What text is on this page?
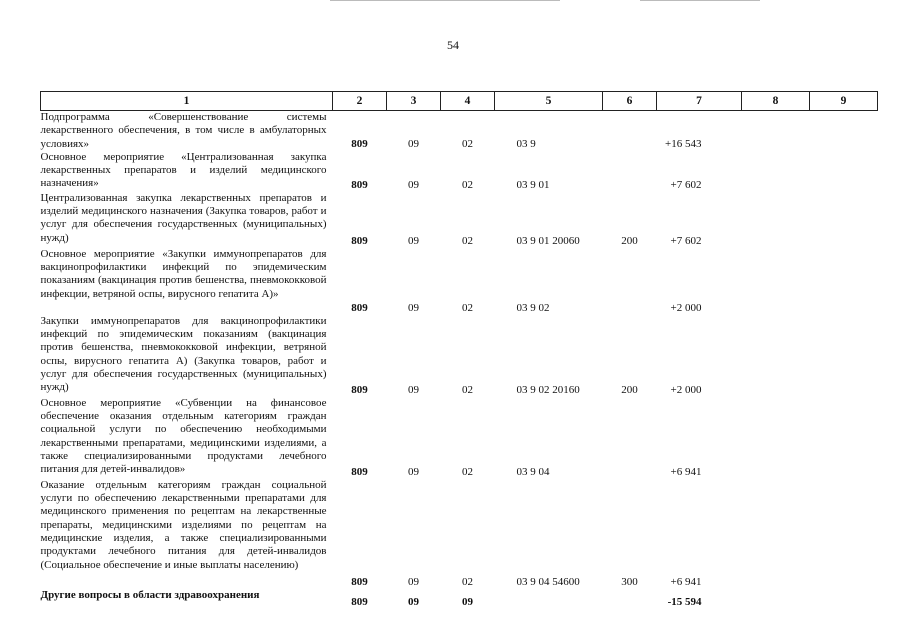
54
1	2	3	4	5	6	7	8	9
Подпрограмма «Совершенствование системы лекарственного обеспечения, в том числе в амбулаторных условиях»	809	09	02	03 9		+16 543		
Основное мероприятие «Централизованная закупка лекарственных препаратов и изделий медицинского назначения»	809	09	02	03 9 01		+7 602		
Централизованная закупка лекарственных препаратов и изделий медицинского назначения (Закупка товаров, работ и услуг для обеспечения государственных (муниципальных) нужд)	809	09	02	03 9 01 20060	200	+7 602		
Основное мероприятие «Закупки иммунопрепаратов для вакцинопрофилактики инфекций по эпидемическим показаниям (вакцинация против бешенства, пневмококковой инфекции, ветряной оспы, вирусного гепатита А)»	809	09	02	03 9 02		+2 000		
Закупки иммунопрепаратов для вакцинопрофилактики инфекций по эпидемическим показаниям (вакцинация против бешенства, пневмококковой инфекции, ветряной оспы, вирусного гепатита А) (Закупка товаров, работ и услуг для обеспечения государственных (муниципальных) нужд)	809	09	02	03 9 02 20160	200	+2 000		
Основное мероприятие «Субвенции на финансовое обеспечение оказания отдельным категориям граждан социальной услуги по обеспечению необходимыми лекарственными препаратами, медицинскими изделиями, а также специализированными продуктами лечебного питания для детей-инвалидов»	809	09	02	03 9 04		+6 941		
Оказание отдельным категориям граждан социальной услуги по обеспечению лекарственными препаратами для медицинского применения по рецептам на лекарственные препараты, медицинскими изделиями по рецептам на медицинские изделия, а также специализированными продуктами лечебного питания для детей-инвалидов (Социальное обеспечение и иные выплаты населению)	809	09	02	03 9 04 54600	300	+6 941		
Другие вопросы в области здравоохранения	809	09	09			-15 594		
